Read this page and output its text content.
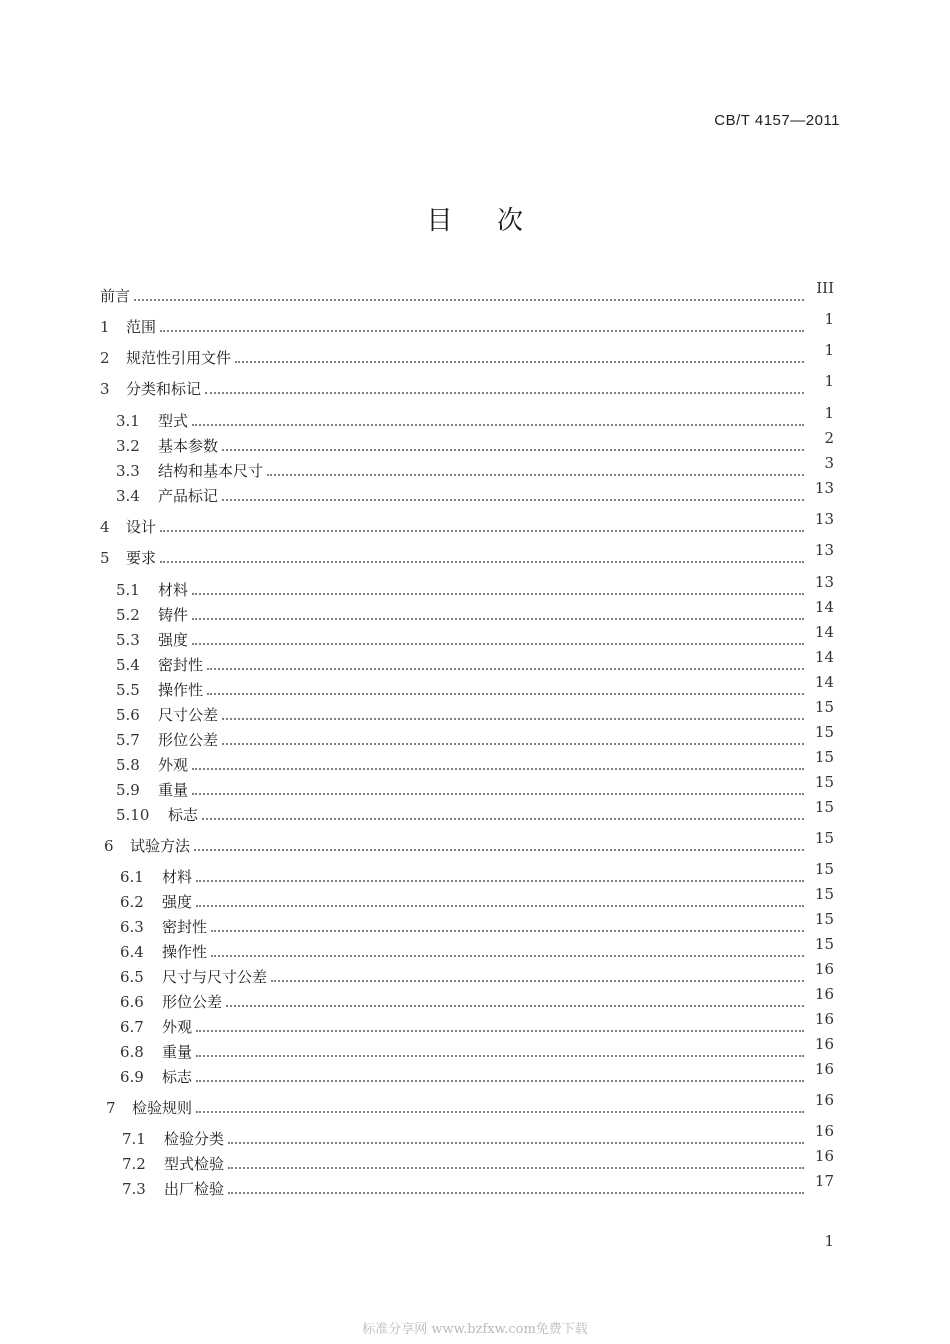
CB/T 4157—2011
目 次
前言	III
1	范围	1
2	规范性引用文件	1
3	分类和标记	1
3.1	型式	1
3.2	基本参数	2
3.3	结构和基本尺寸	3
3.4	产品标记	13
4	设计	13
5	要求	13
5.1	材料	13
5.2	铸件	14
5.3	强度	14
5.4	密封性	14
5.5	操作性	14
5.6	尺寸公差	15
5.7	形位公差	15
5.8	外观	15
5.9	重量	15
5.10	标志	15
6	试验方法	15
6.1	材料	15
6.2	强度	15
6.3	密封性	15
6.4	操作性	15
6.5	尺寸与尺寸公差	16
6.6	形位公差	16
6.7	外观	16
6.8	重量	16
6.9	标志	16
7	检验规则	16
7.1	检验分类	16
7.2	型式检验	16
7.3	出厂检验	17
1
标准分享网 www.bzfxw.com免费下载
